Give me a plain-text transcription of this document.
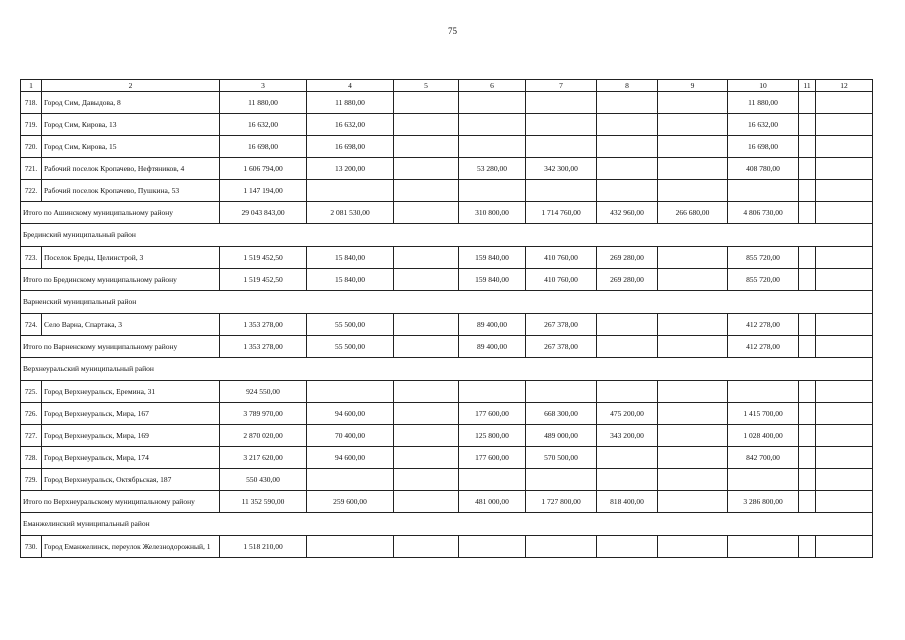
75
1	2	3	4	5	6	7	8	9	10	11	12
718.	Город Сим, Давыдова, 8	11 880,00	11 880,00						11 880,00		
719.	Город Сим, Кирова, 13	16 632,00	16 632,00						16 632,00		
720.	Город Сим, Кирова, 15	16 698,00	16 698,00						16 698,00		
721.	Рабочий поселок Кропачево, Нефтяников, 4	1 606 794,00	13 200,00		53 280,00	342 300,00			408 780,00		
722.	Рабочий поселок Кропачево, Пушкина, 53	1 147 194,00									
Итого по Ашинскому муниципальному району		29 043 843,00	2 081 530,00		310 800,00	1 714 760,00	432 960,00	266 680,00	4 806 730,00		
Брединский муниципальный район											
723.	Поселок Бреды, Целинстрой, 3	1 519 452,50	15 840,00		159 840,00	410 760,00	269 280,00		855 720,00		
Итого по Брединскому муниципальному району		1 519 452,50	15 840,00		159 840,00	410 760,00	269 280,00		855 720,00		
Варненский муниципальный район											
724.	Село Варна, Спартака, 3	1 353 278,00	55 500,00		89 400,00	267 378,00			412 278,00		
Итого по Варненскому муниципальному району		1 353 278,00	55 500,00		89 400,00	267 378,00			412 278,00		
Верхнеуральский муниципальный район											
725.	Город Верхнеуральск, Еремина, 31	924 550,00									
726.	Город Верхнеуральск, Мира, 167	3 789 970,00	94 600,00		177 600,00	668 300,00	475 200,00		1 415 700,00		
727.	Город Верхнеуральск, Мира, 169	2 870 020,00	70 400,00		125 800,00	489 000,00	343 200,00		1 028 400,00		
728.	Город Верхнеуральск, Мира, 174	3 217 620,00	94 600,00		177 600,00	570 500,00			842 700,00		
729.	Город Верхнеуральск, Октябрьская, 187	550 430,00									
Итого по Верхнеуральскому муниципальному району		11 352 590,00	259 600,00		481 000,00	1 727 800,00	818 400,00		3 286 800,00		
Еманжелинский муниципальный район											
730.	Город Еманжелинск, переулок Железнодорожный, 1	1 518 210,00									
